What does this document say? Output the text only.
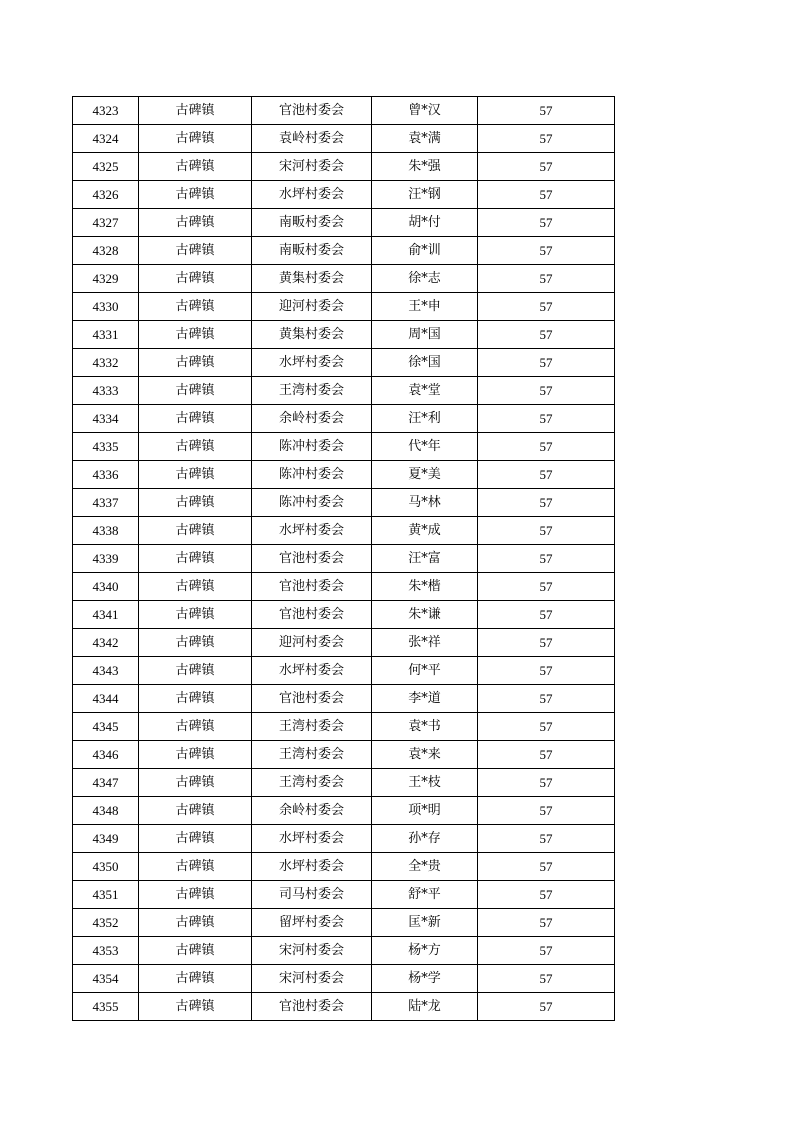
4323	古碑镇	官池村委会	曾*汉	57
4324	古碑镇	袁岭村委会	袁*满	57
4325	古碑镇	宋河村委会	朱*强	57
4326	古碑镇	水坪村委会	汪*钢	57
4327	古碑镇	南畈村委会	胡*付	57
4328	古碑镇	南畈村委会	俞*训	57
4329	古碑镇	黄集村委会	徐*志	57
4330	古碑镇	迎河村委会	王*申	57
4331	古碑镇	黄集村委会	周*国	57
4332	古碑镇	水坪村委会	徐*国	57
4333	古碑镇	王湾村委会	袁*堂	57
4334	古碑镇	余岭村委会	汪*利	57
4335	古碑镇	陈冲村委会	代*年	57
4336	古碑镇	陈冲村委会	夏*美	57
4337	古碑镇	陈冲村委会	马*林	57
4338	古碑镇	水坪村委会	黄*成	57
4339	古碑镇	官池村委会	汪*富	57
4340	古碑镇	官池村委会	朱*楷	57
4341	古碑镇	官池村委会	朱*谦	57
4342	古碑镇	迎河村委会	张*祥	57
4343	古碑镇	水坪村委会	何*平	57
4344	古碑镇	官池村委会	李*道	57
4345	古碑镇	王湾村委会	袁*书	57
4346	古碑镇	王湾村委会	袁*来	57
4347	古碑镇	王湾村委会	王*枝	57
4348	古碑镇	余岭村委会	项*明	57
4349	古碑镇	水坪村委会	孙*存	57
4350	古碑镇	水坪村委会	全*贵	57
4351	古碑镇	司马村委会	舒*平	57
4352	古碑镇	留坪村委会	匡*新	57
4353	古碑镇	宋河村委会	杨*方	57
4354	古碑镇	宋河村委会	杨*学	57
4355	古碑镇	官池村委会	陆*龙	57
